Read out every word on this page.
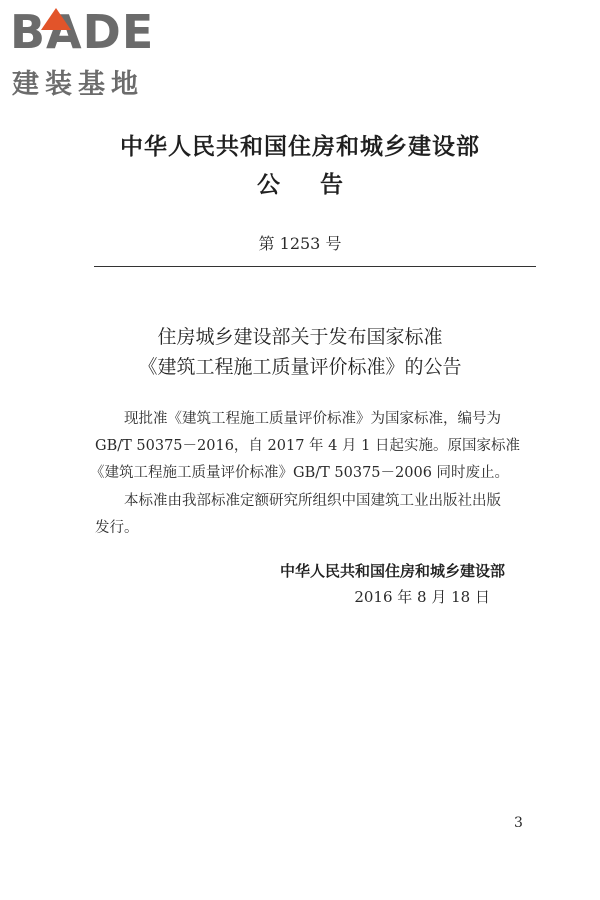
BADE
建装基地
中华人民共和国住房和城乡建设部
公告
第 1253 号
住房城乡建设部关于发布国家标准
《建筑工程施工质量评价标准》的公告
现批准《建筑工程施工质量评价标准》为国家标准，编号为
GB/T 50375－2016，自 2017 年 4 月 1 日起实施。原国家标准
《建筑工程施工质量评价标准》GB/T 50375－2006 同时废止。
本标准由我部标准定额研究所组织中国建筑工业出版社出版
发行。
中华人民共和国住房和城乡建设部
2016 年 8 月 18 日
3
